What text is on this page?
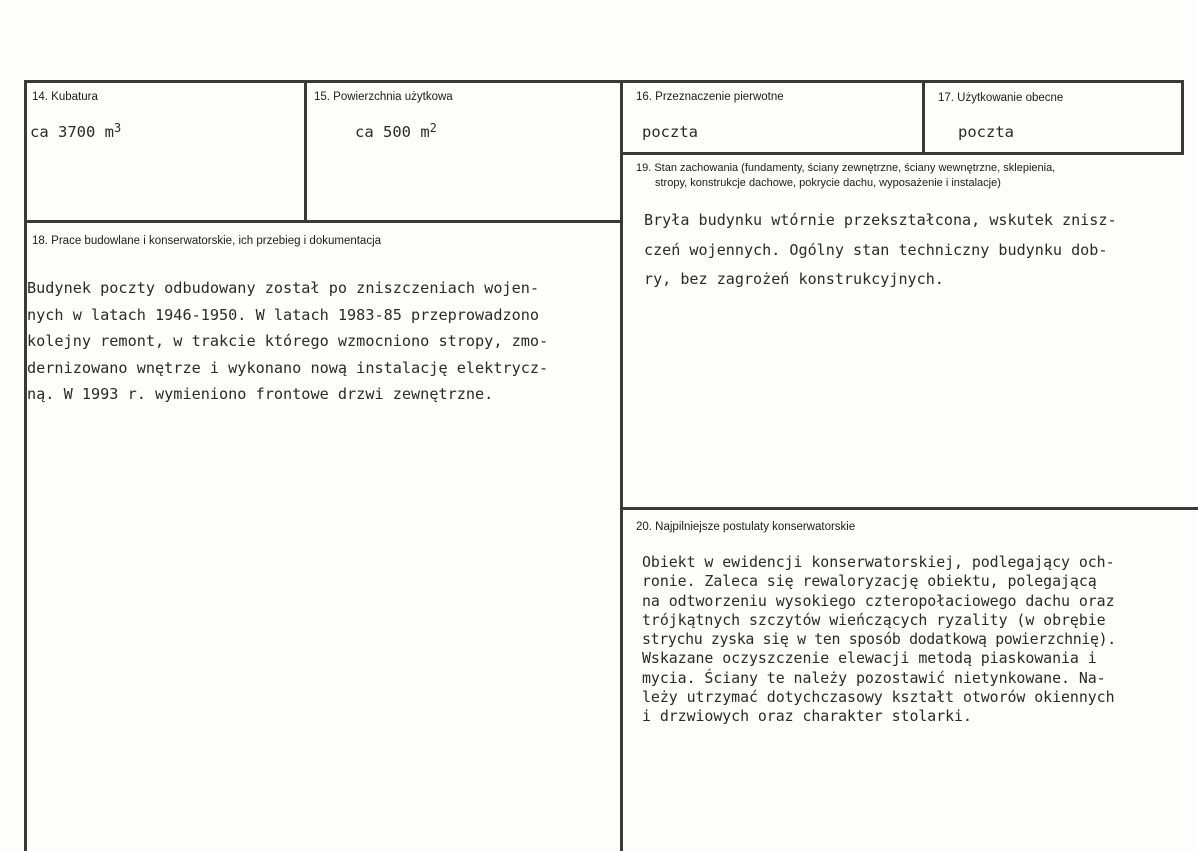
14. Kubatura
ca 3700 $m^3$
15. Powierzchnia użytkowa
ca 500 $m^2$
16. Przeznaczenie pierwotne
poczta
17. Użytkowanie obecne
poczta
18. Prace budowlane i konserwatorskie, ich przebieg i dokumentacja
Budynek poczty odbudowany został po zniszczeniach wojen-
nych w latach 1946-1950. W latach 1983-85 przeprowadzono
kolejny remont, w trakcie którego wzmocniono stropy, zmo-
dernizowano wnętrze i wykonano nową instalację elektrycz-
ną. W 1993 r. wymieniono frontowe drzwi zewnętrzne.
19. Stan zachowania (fundamenty, ściany zewnętrzne, ściany wewnętrzne, sklepienia,
stropy, konstrukcje dachowe, pokrycie dachu, wyposażenie i instalacje)
Bryła budynku wtórnie przekształcona, wskutek znisz-
czeń wojennych. Ogólny stan techniczny budynku dob-
ry, bez zagrożeń konstrukcyjnych.
20. Najpilniejsze postulaty konserwatorskie
Obiekt w ewidencji konserwatorskiej, podlegający och-
ronie. Zaleca się rewaloryzację obiektu, polegającą
na odtworzeniu wysokiego czteropołaciowego dachu oraz
trójkątnych szczytów wieńczących ryzality (w obrębie
strychu zyska się w ten sposób dodatkową powierzchnię).
Wskazane oczyszczenie elewacji metodą piaskowania i
mycia. Ściany te należy pozostawić nietynkowane. Na-
leży utrzymać dotychczasowy kształt otworów okiennych
i drzwiowych oraz charakter stolarki.
